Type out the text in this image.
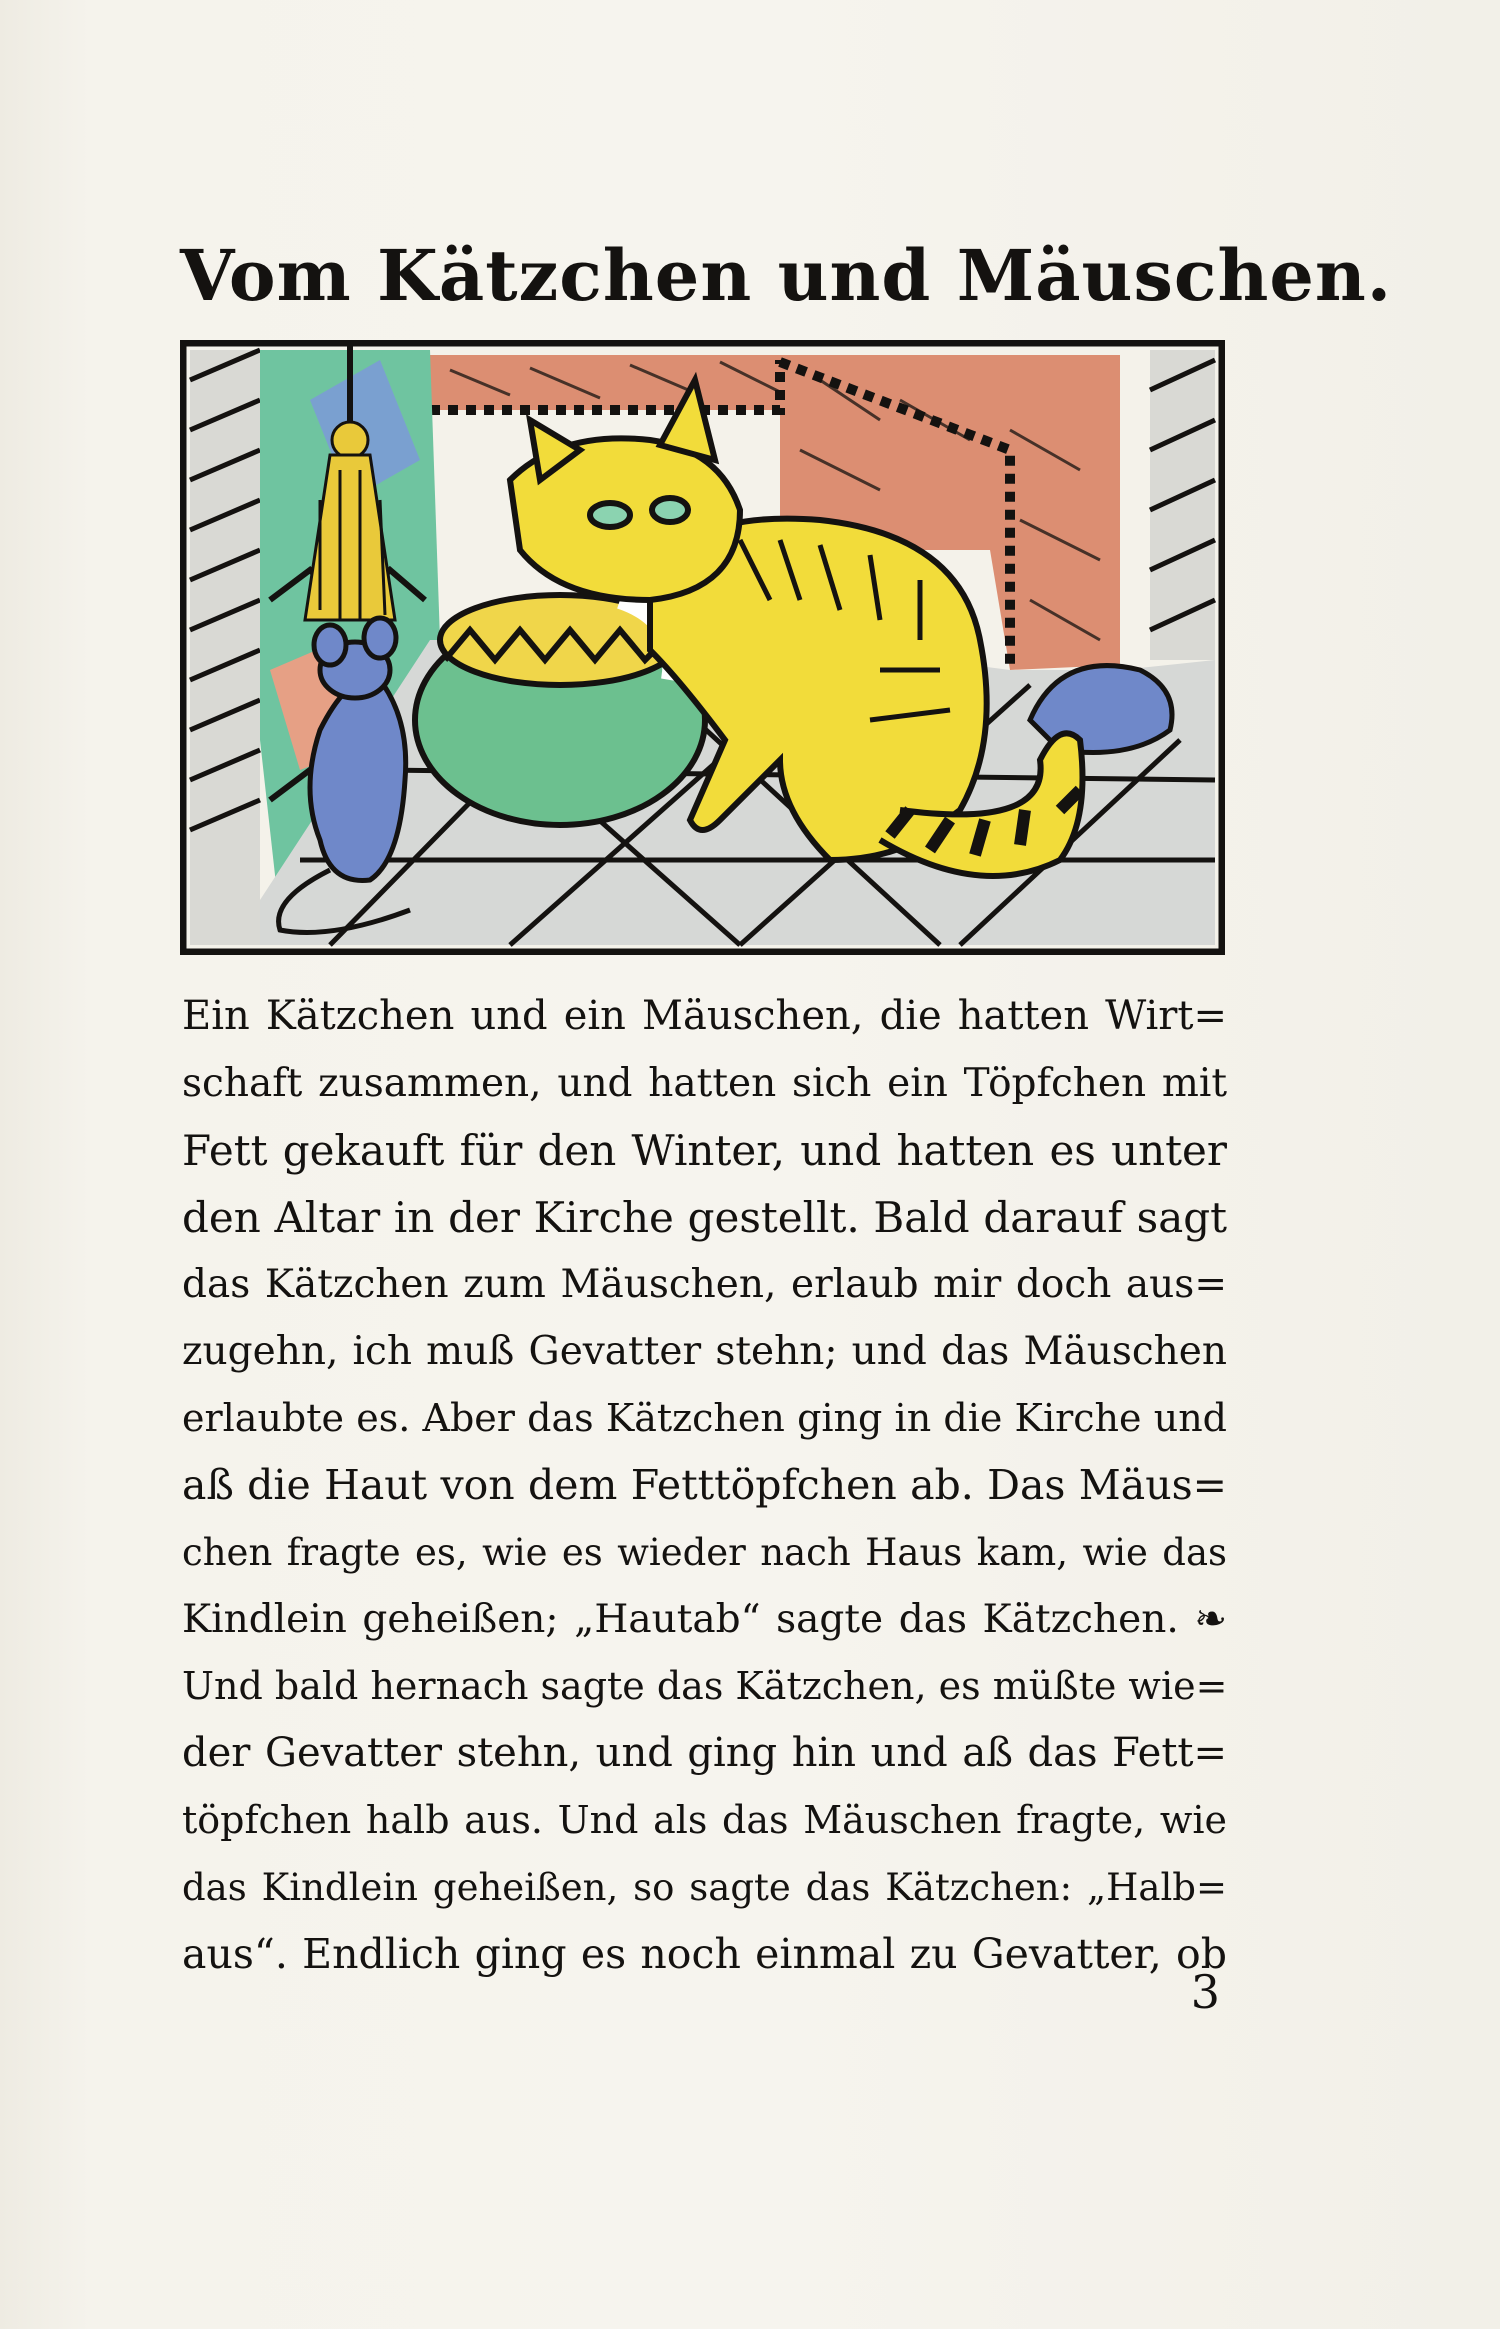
Vom Kätzchen und Mäuschen.
Ein Kätzchen und ein Mäuschen, die hatten Wirt=
schaft zusammen, und hatten sich ein Töpfchen mit
Fett gekauft für den Winter, und hatten es unter
den Altar in der Kirche gestellt. Bald darauf sagt
das Kätzchen zum Mäuschen, erlaub mir doch aus=
zugehn, ich muß Gevatter stehn; und das Mäuschen
erlaubte es. Aber das Kätzchen ging in die Kirche und
aß die Haut von dem Fetttöpfchen ab. Das Mäus=
chen fragte es, wie es wieder nach Haus kam, wie das
Kindlein geheißen; „Hautab“ sagte das Kätzchen. ❧
Und bald hernach sagte das Kätzchen, es müßte wie=
der Gevatter stehn, und ging hin und aß das Fett=
töpfchen halb aus. Und als das Mäuschen fragte, wie
das Kindlein geheißen, so sagte das Kätzchen: „Halb=
aus“. Endlich ging es noch einmal zu Gevatter, ob
3
